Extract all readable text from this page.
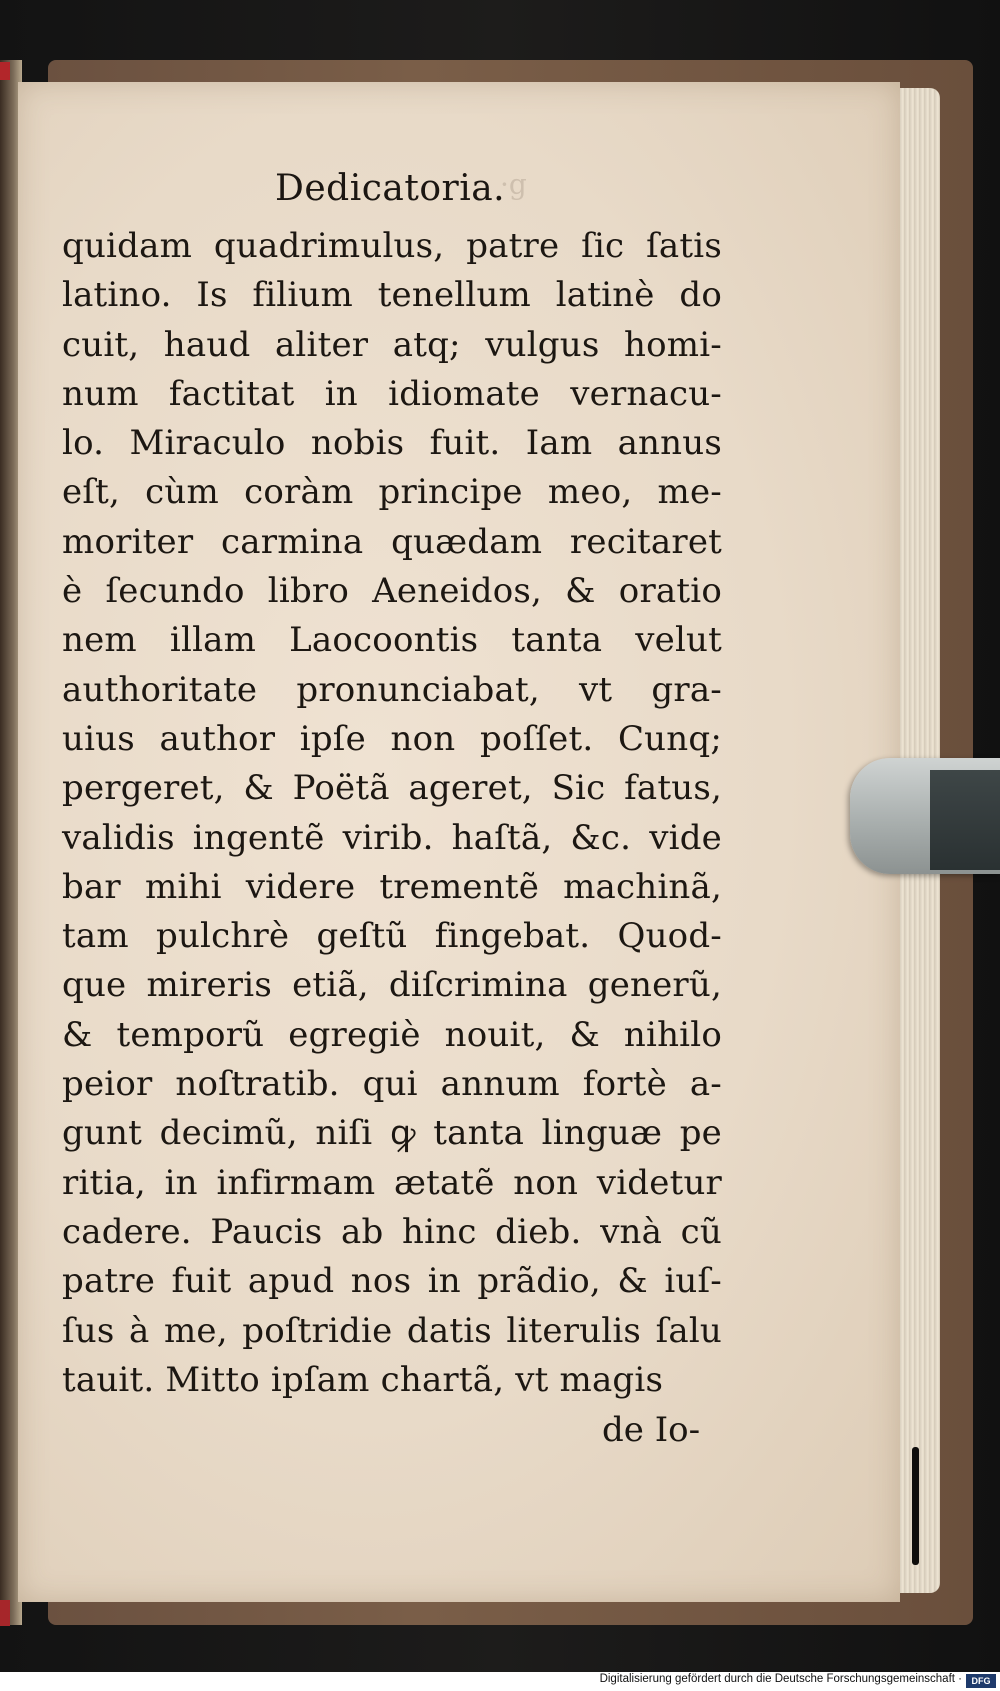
Dedicatoria.
·g
quidam quadrimulus, patre ſic ſatis
latino. Is filium tenellum latinè do
cuit, haud aliter atq; vulgus homi-
num factitat in idiomate vernacu-
lo. Miraculo nobis fuit. Iam annus
eſt, cùm coràm principe meo, me-
moriter carmina quædam recitaret
è ſecundo libro Aeneidos, & oratio
nem illam Laocoontis tanta velut
authoritate pronunciabat, vt gra-
uius author ipſe non poſſet. Cunq;
pergeret, & Poëtã ageret, Sic fatus,
validis ingentẽ virib. haſtã, &c. vide
bar mihi videre trementẽ machinã,
tam pulchrè geſtũ fingebat. Quod-
que mireris etiã, diſcrimina generũ,
& temporũ egregiè nouit, & nihilo
peior noſtratib. qui annum fortè a-
gunt decimũ, niſi ꝙ tanta linguæ pe
ritia, in infirmam ætatẽ non videtur
cadere. Paucis ab hinc dieb. vnà cũ
patre fuit apud nos in prãdio, & iuſ-
ſus à me, poſtridie datis literulis ſalu
tauit. Mitto ipſam chartã, vt magis
de Io-
Digitalisierung gefördert durch die Deutsche Forschungsgemeinschaft ·	DFG
